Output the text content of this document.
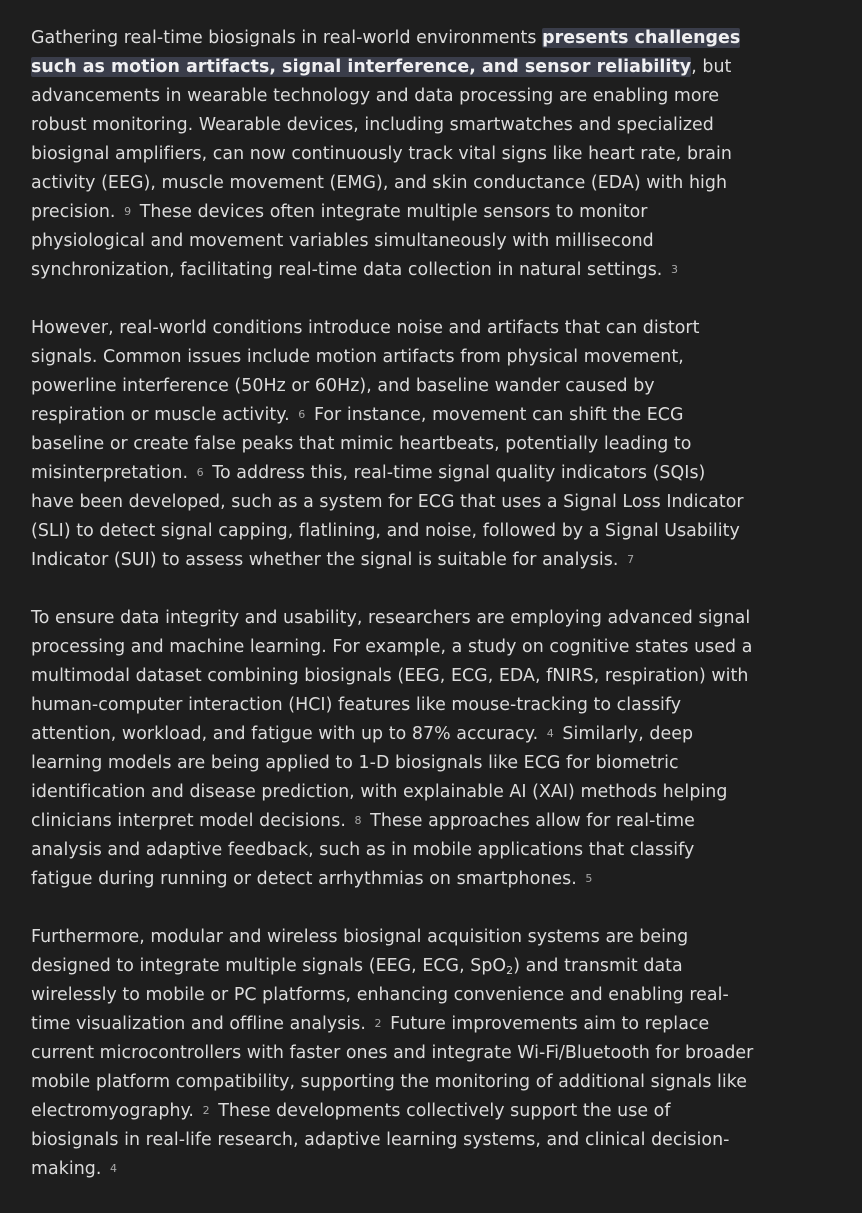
Gathering real-time biosignals in real-world environments presents challenges
such as motion artifacts, signal interference, and sensor reliability, but
advancements in wearable technology and data processing are enabling more
robust monitoring. Wearable devices, including smartwatches and specialized
biosignal amplifiers, can now continuously track vital signs like heart rate, brain
activity (EEG), muscle movement (EMG), and skin conductance (EDA) with high
precision. 9 These devices often integrate multiple sensors to monitor
physiological and movement variables simultaneously with millisecond
synchronization, facilitating real-time data collection in natural settings. 3
However, real-world conditions introduce noise and artifacts that can distort
signals. Common issues include motion artifacts from physical movement,
powerline interference (50Hz or 60Hz), and baseline wander caused by
respiration or muscle activity. 6 For instance, movement can shift the ECG
baseline or create false peaks that mimic heartbeats, potentially leading to
misinterpretation. 6 To address this, real-time signal quality indicators (SQIs)
have been developed, such as a system for ECG that uses a Signal Loss Indicator
(SLI) to detect signal capping, flatlining, and noise, followed by a Signal Usability
Indicator (SUI) to assess whether the signal is suitable for analysis. 7
To ensure data integrity and usability, researchers are employing advanced signal
processing and machine learning. For example, a study on cognitive states used a
multimodal dataset combining biosignals (EEG, ECG, EDA, fNIRS, respiration) with
human-computer interaction (HCI) features like mouse-tracking to classify
attention, workload, and fatigue with up to 87% accuracy. 4 Similarly, deep
learning models are being applied to 1-D biosignals like ECG for biometric
identification and disease prediction, with explainable AI (XAI) methods helping
clinicians interpret model decisions. 8 These approaches allow for real-time
analysis and adaptive feedback, such as in mobile applications that classify
fatigue during running or detect arrhythmias on smartphones. 5
Furthermore, modular and wireless biosignal acquisition systems are being
designed to integrate multiple signals (EEG, ECG, SpO$_2$) and transmit data
wirelessly to mobile or PC platforms, enhancing convenience and enabling real-
time visualization and offline analysis. 2 Future improvements aim to replace
current microcontrollers with faster ones and integrate Wi-Fi/Bluetooth for broader
mobile platform compatibility, supporting the monitoring of additional signals like
electromyography. 2 These developments collectively support the use of
biosignals in real-life research, adaptive learning systems, and clinical decision-
making. 4
